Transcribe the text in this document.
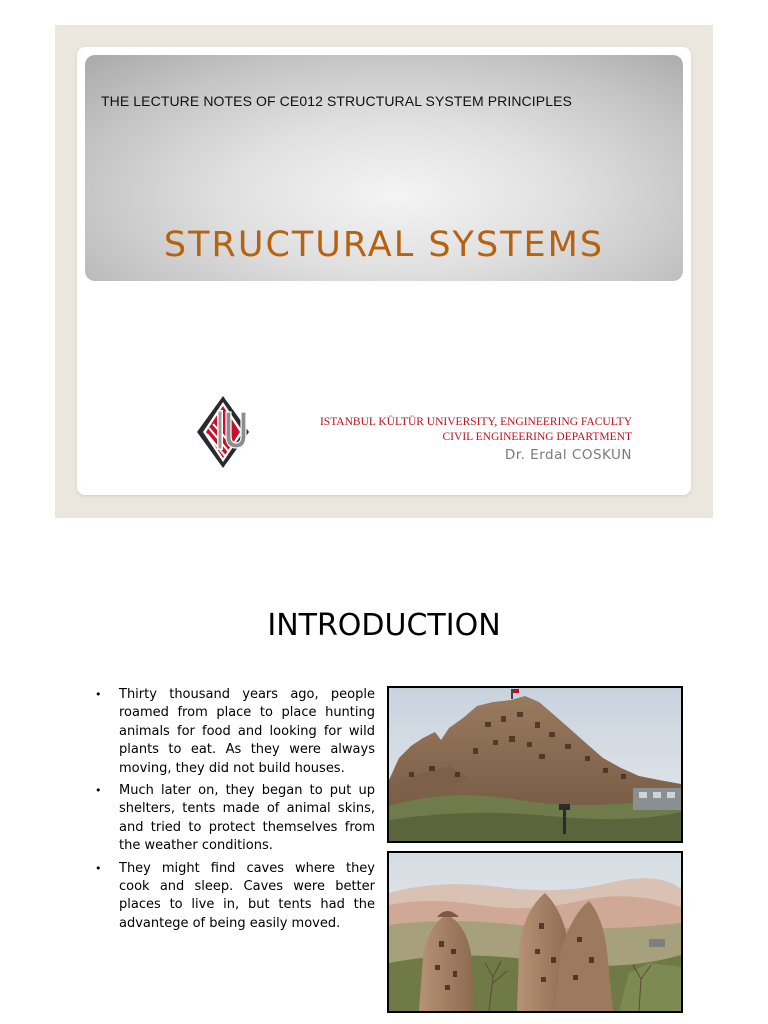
THE LECTURE NOTES OF CE012 STRUCTURAL SYSTEM PRINCIPLES
STRUCTURAL SYSTEMS
ISTANBUL KÜLTÜR UNIVERSITY, ENGINEERING FACULTY
CIVIL ENGINEERING DEPARTMENT
Dr. Erdal COSKUN
INTRODUCTION
• Thirty thousand years ago, people roamed from place to place hunting animals for food and looking for wild plants to eat. As they were always moving, they did not build houses.
• Much later on, they began to put up shelters, tents made of animal skins, and tried to protect themselves from the weather conditions.
• They might find caves where they cook and sleep. Caves were better places to live in, but tents had the advantege of being easily moved.
